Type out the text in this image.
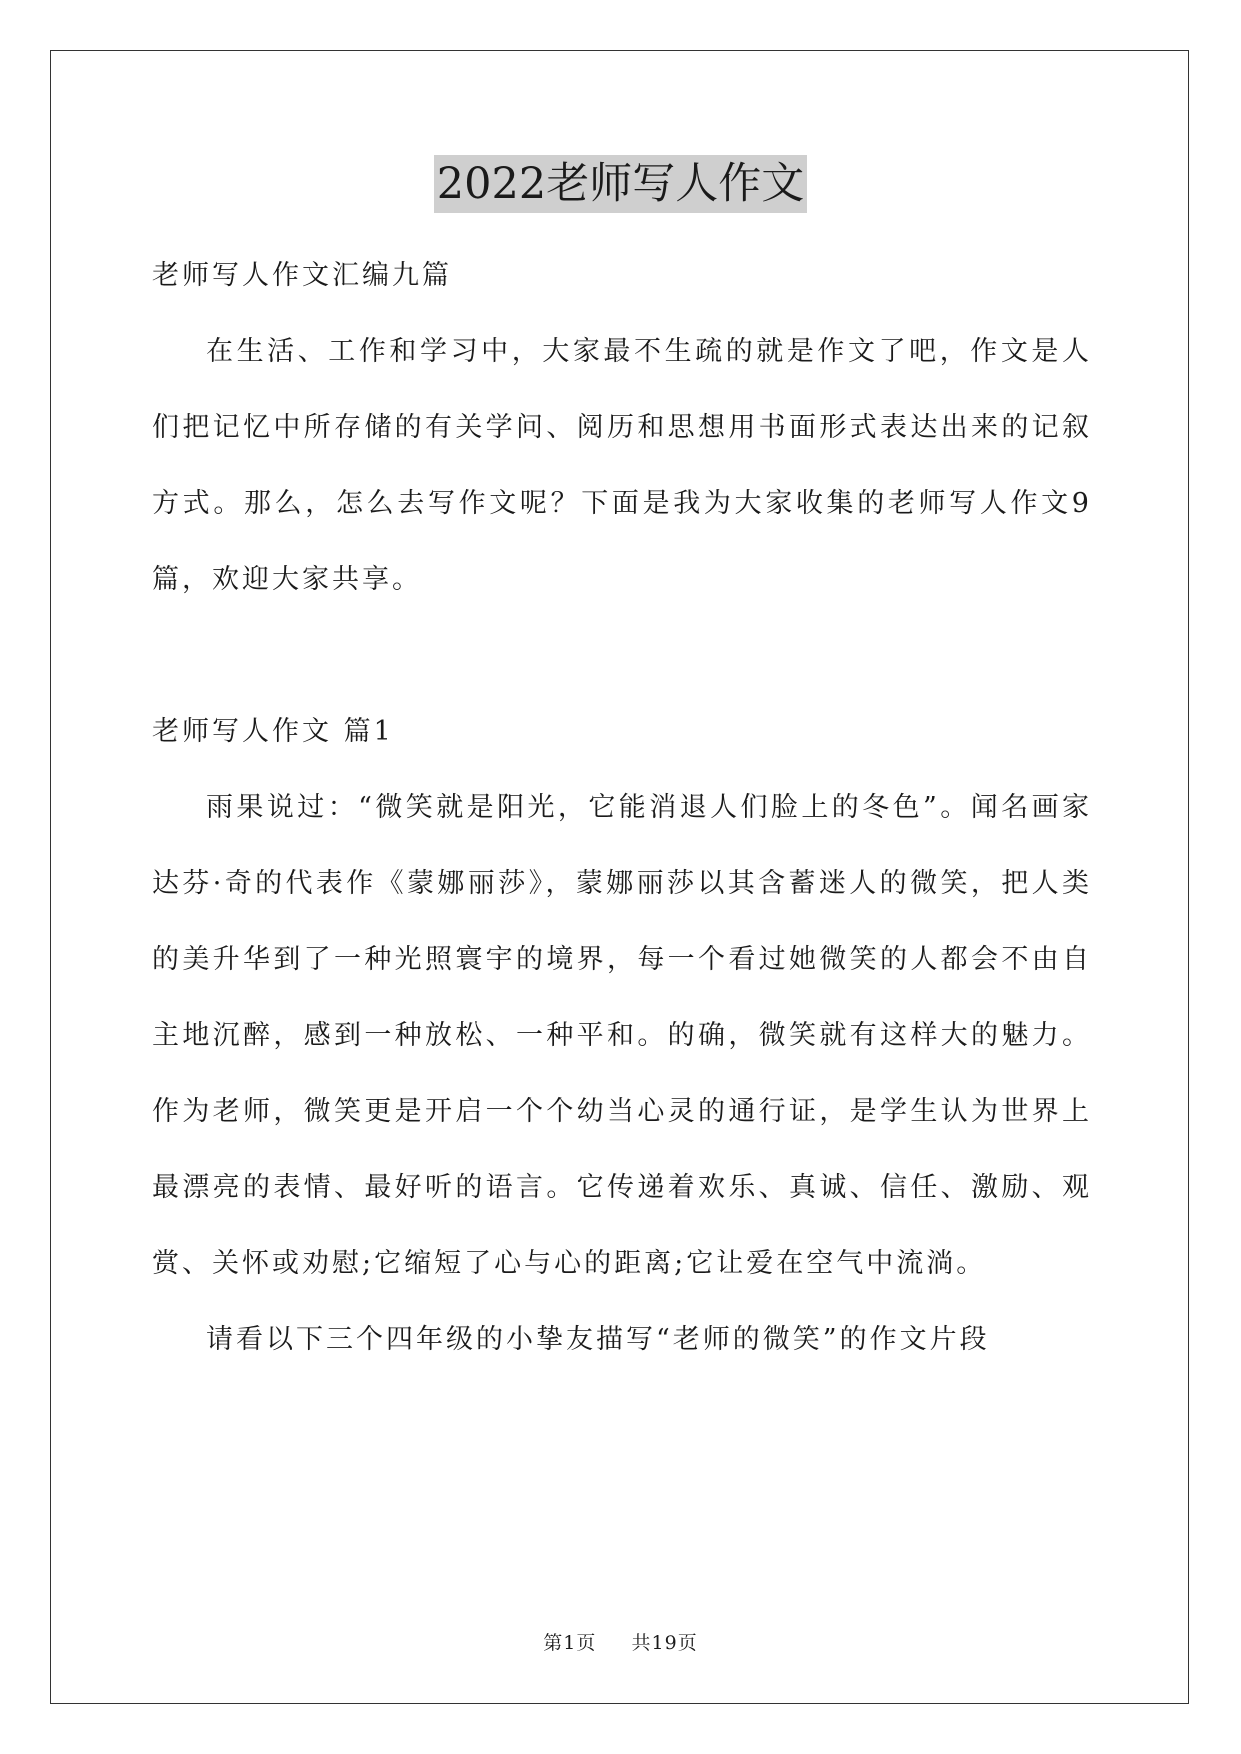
2022老师写人作文

老师写人作文汇编九篇

在生活、工作和学习中，大家最不生疏的就是作文了吧，作文是人们把记忆中所存储的有关学问、阅历和思想用书面形式表达出来的记叙方式。那么，怎么去写作文呢？下面是我为大家收集的老师写人作文9篇，欢迎大家共享。

老师写人作文 篇1

雨果说过：“微笑就是阳光，它能消退人们脸上的冬色”。闻名画家达芬·奇的代表作《蒙娜丽莎》，蒙娜丽莎以其含蓄迷人的微笑，把人类的美升华到了一种光照寰宇的境界，每一个看过她微笑的人都会不由自主地沉醉，感到一种放松、一种平和。的确，微笑就有这样大的魅力。作为老师，微笑更是开启一个个幼当心灵的通行证，是学生认为世界上最漂亮的表情、最好听的语言。它传递着欢乐、真诚、信任、激励、观赏、关怀或劝慰;它缩短了心与心的距离;它让爱在空气中流淌。

请看以下三个四年级的小挚友描写“老师的微笑”的作文片段

第1页 共19页
